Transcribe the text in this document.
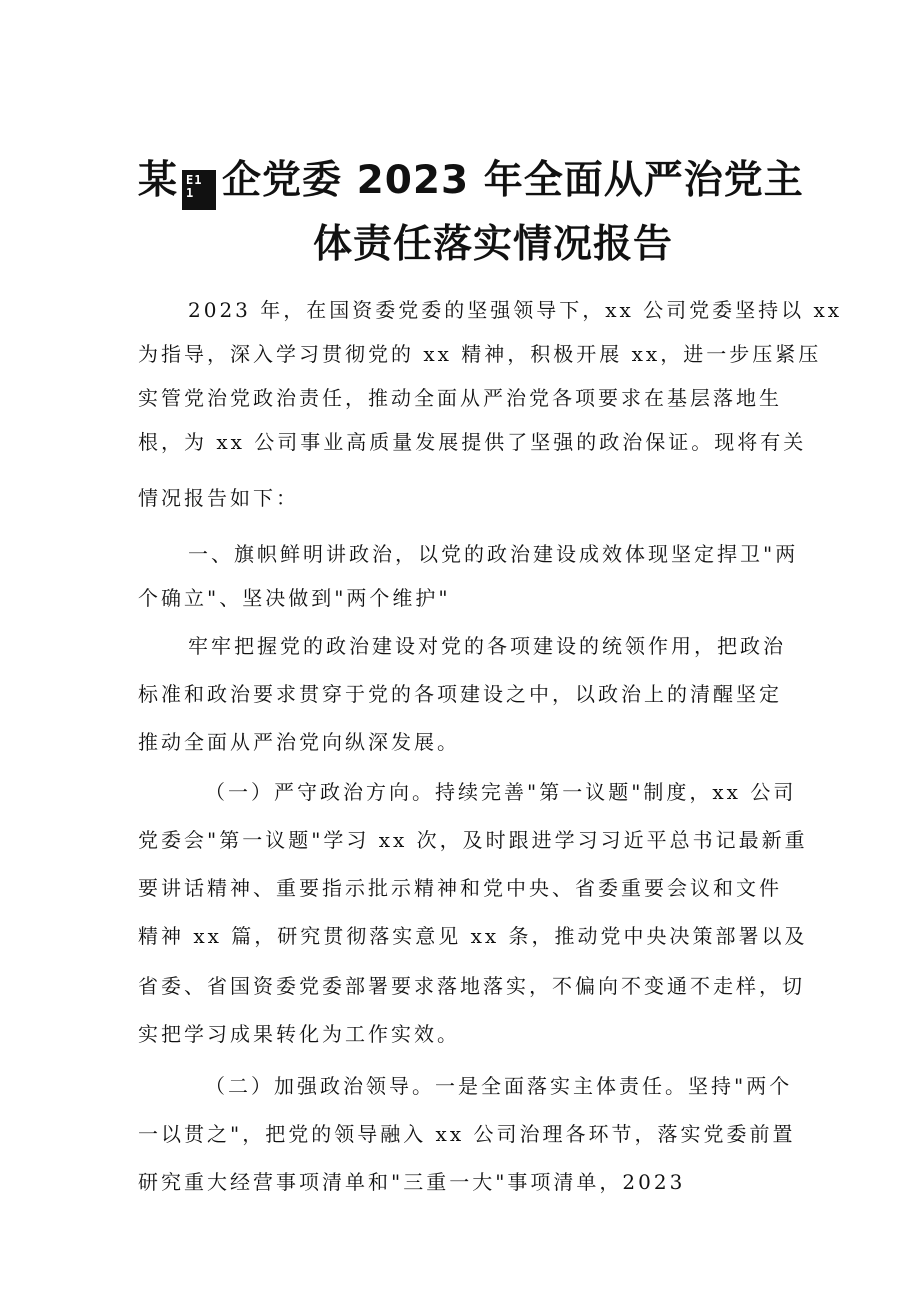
某 E1
1 企党委 2023 年全面从严治党主
体责任落实情况报告
2023 年，在国资委党委的坚强领导下，xx 公司党委坚持以 xx
为指导，深入学习贯彻党的 xx 精神，积极开展 xx，进一步压紧压
实管党治党政治责任，推动全面从严治党各项要求在基层落地生
根，为 xx 公司事业高质量发展提供了坚强的政治保证。现将有关
情况报告如下：
一、旗帜鲜明讲政治，以党的政治建设成效体现坚定捍卫"两
个确立"、坚决做到"两个维护"
牢牢把握党的政治建设对党的各项建设的统领作用，把政治
标准和政治要求贯穿于党的各项建设之中，以政治上的清醒坚定
推动全面从严治党向纵深发展。
（一）严守政治方向。持续完善"第一议题"制度，xx 公司
党委会"第一议题"学习 xx 次，及时跟进学习习近平总书记最新重
要讲话精神、重要指示批示精神和党中央、省委重要会议和文件
精神 xx 篇，研究贯彻落实意见 xx 条，推动党中央决策部署以及
省委、省国资委党委部署要求落地落实，不偏向不变通不走样，切
实把学习成果转化为工作实效。
（二）加强政治领导。一是全面落实主体责任。坚持"两个
一以贯之"，把党的领导融入 xx 公司治理各环节，落实党委前置
研究重大经营事项清单和"三重一大"事项清单，2023
